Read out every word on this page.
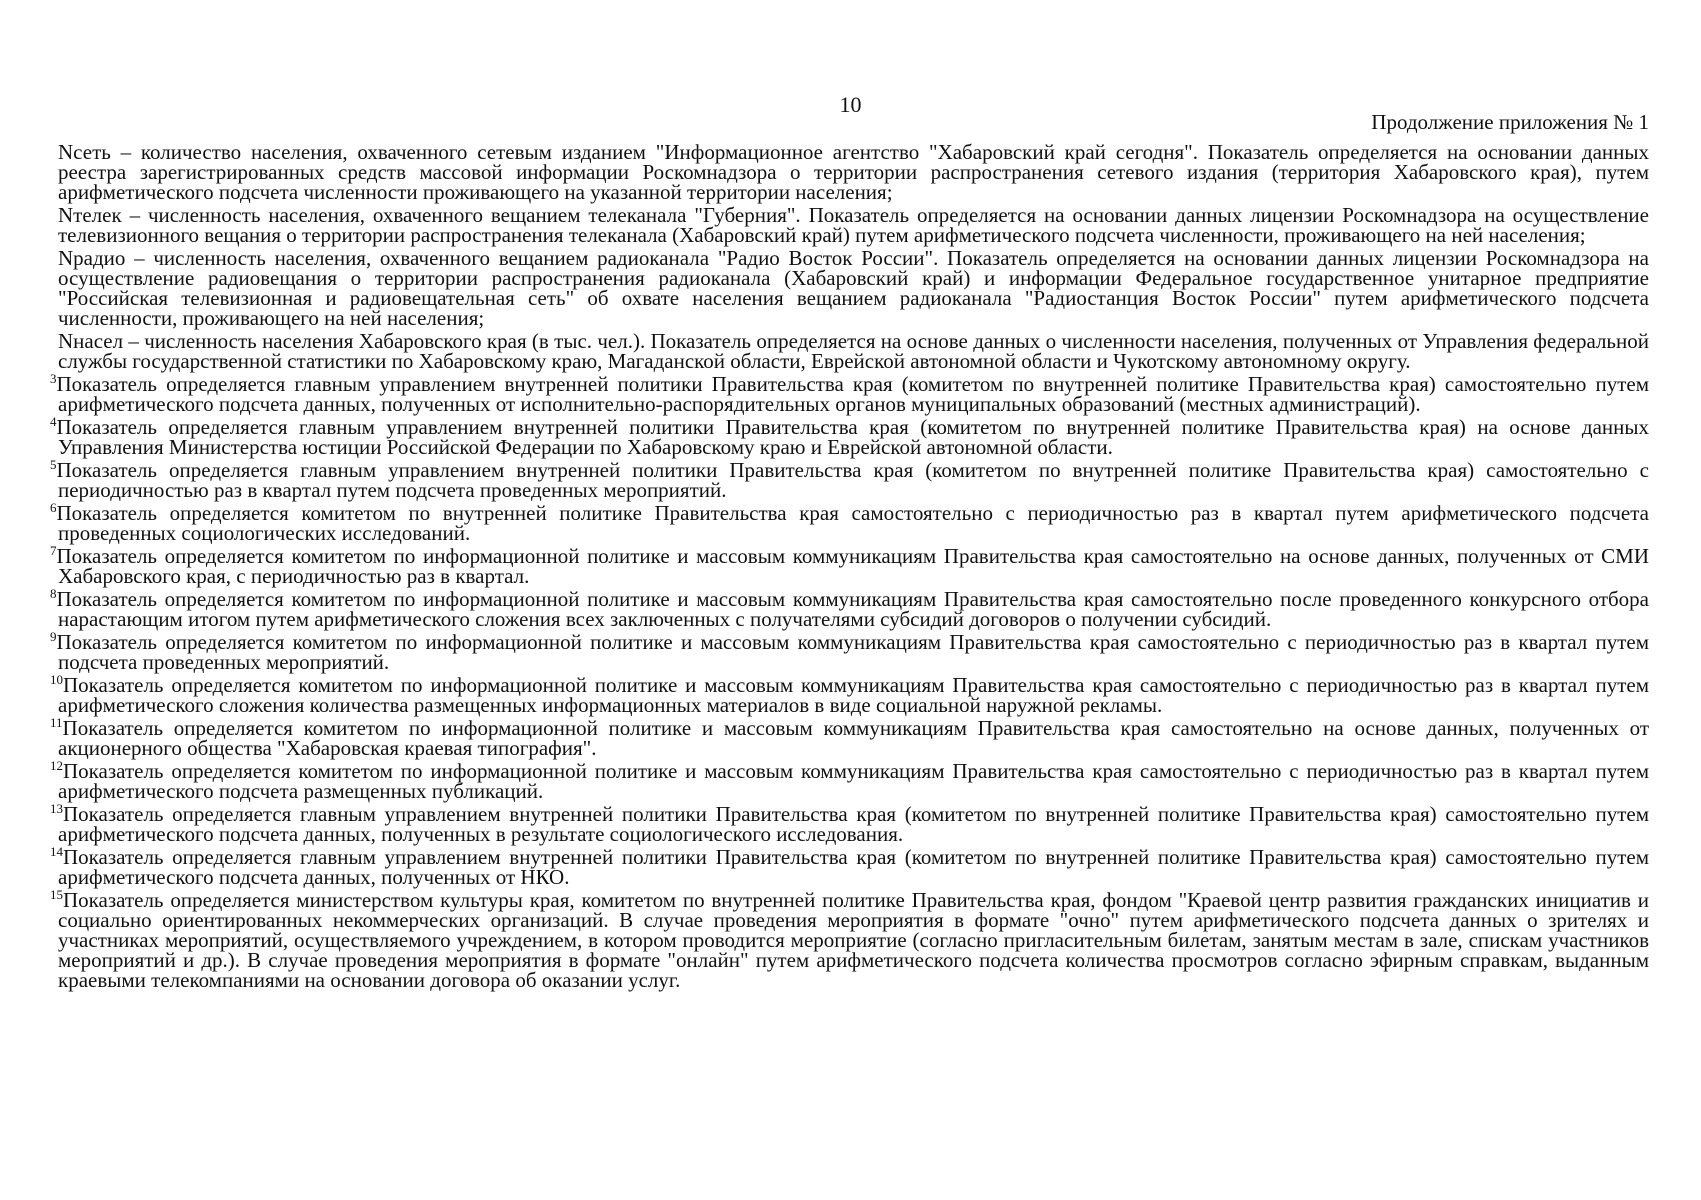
10
Продолжение приложения № 1

Nсеть – количество населения, охваченного сетевым изданием "Информационное агентство "Хабаровский край сегодня". Показатель определяется на основании данных реестра зарегистрированных средств массовой информации Роскомнадзора о территории распространения сетевого издания (территория Хабаровского края), путем арифметического подсчета численности проживающего на указанной территории населения;

Nтелек – численность населения, охваченного вещанием телеканала "Губерния". Показатель определяется на основании данных лицензии Роскомнадзора на осуществление телевизионного вещания о территории распространения телеканала (Хабаровский край) путем арифметического подсчета численности, проживающего на ней населения;

Nрадио – численность населения, охваченного вещанием радиоканала "Радио Восток России". Показатель определяется на основании данных лицензии Роскомнадзора на осуществление радиовещания о территории распространения радиоканала (Хабаровский край) и информации Федеральное государственное унитарное предприятие "Российская телевизионная и радиовещательная сеть" об охвате населения вещанием радиоканала "Радиостанция Восток России" путем арифметического подсчета численности, проживающего на ней населения;

Nнасел – численность населения Хабаровского края (в тыс. чел.). Показатель определяется на основе данных о численности населения, полученных от Управления федеральной службы государственной статистики по Хабаровскому краю, Магаданской области, Еврейской автономной области и Чукотскому автономному округу.

$^3$Показатель определяется главным управлением внутренней политики Правительства края (комитетом по внутренней политике Правительства края) самостоятельно путем арифметического подсчета данных, полученных от исполнительно-распорядительных органов муниципальных образований (местных администраций).

$^4$Показатель определяется главным управлением внутренней политики Правительства края (комитетом по внутренней политике Правительства края) на основе данных Управления Министерства юстиции Российской Федерации по Хабаровскому краю и Еврейской автономной области.

$^5$Показатель определяется главным управлением внутренней политики Правительства края (комитетом по внутренней политике Правительства края) самостоятельно с периодичностью раз в квартал путем подсчета проведенных мероприятий.

$^6$Показатель определяется комитетом по внутренней политике Правительства края самостоятельно с периодичностью раз в квартал путем арифметического подсчета проведенных социологических исследований.

$^7$Показатель определяется комитетом по информационной политике и массовым коммуникациям Правительства края самостоятельно на основе данных, полученных от СМИ Хабаровского края, с периодичностью раз в квартал.

$^8$Показатель определяется комитетом по информационной политике и массовым коммуникациям Правительства края самостоятельно после проведенного конкурсного отбора нарастающим итогом путем арифметического сложения всех заключенных с получателями субсидий договоров о получении субсидий.

$^9$Показатель определяется комитетом по информационной политике и массовым коммуникациям Правительства края самостоятельно с периодичностью раз в квартал путем подсчета проведенных мероприятий.

$^{10}$Показатель определяется комитетом по информационной политике и массовым коммуникациям Правительства края самостоятельно с периодичностью раз в квартал путем арифметического сложения количества размещенных информационных материалов в виде социальной наружной рекламы.

$^{11}$Показатель определяется комитетом по информационной политике и массовым коммуникациям Правительства края самостоятельно на основе данных, полученных от акционерного общества "Хабаровская краевая типография".

$^{12}$Показатель определяется комитетом по информационной политике и массовым коммуникациям Правительства края самостоятельно с периодичностью раз в квартал путем арифметического подсчета размещенных публикаций.

$^{13}$Показатель определяется главным управлением внутренней политики Правительства края (комитетом по внутренней политике Правительства края) самостоятельно путем арифметического подсчета данных, полученных в результате социологического исследования.

$^{14}$Показатель определяется главным управлением внутренней политики Правительства края (комитетом по внутренней политике Правительства края) самостоятельно путем арифметического подсчета данных, полученных от НКО.

$^{15}$Показатель определяется министерством культуры края, комитетом по внутренней политике Правительства края, фондом "Краевой центр развития гражданских инициатив и социально ориентированных некоммерческих организаций. В случае проведения мероприятия в формате "очно" путем арифметического подсчета данных о зрителях и участниках мероприятий, осуществляемого учреждением, в котором проводится мероприятие (согласно пригласительным билетам, занятым местам в зале, спискам участников мероприятий и др.). В случае проведения мероприятия в формате "онлайн" путем арифметического подсчета количества просмотров согласно эфирным справкам, выданным краевыми телекомпаниями на основании договора об оказании услуг.
